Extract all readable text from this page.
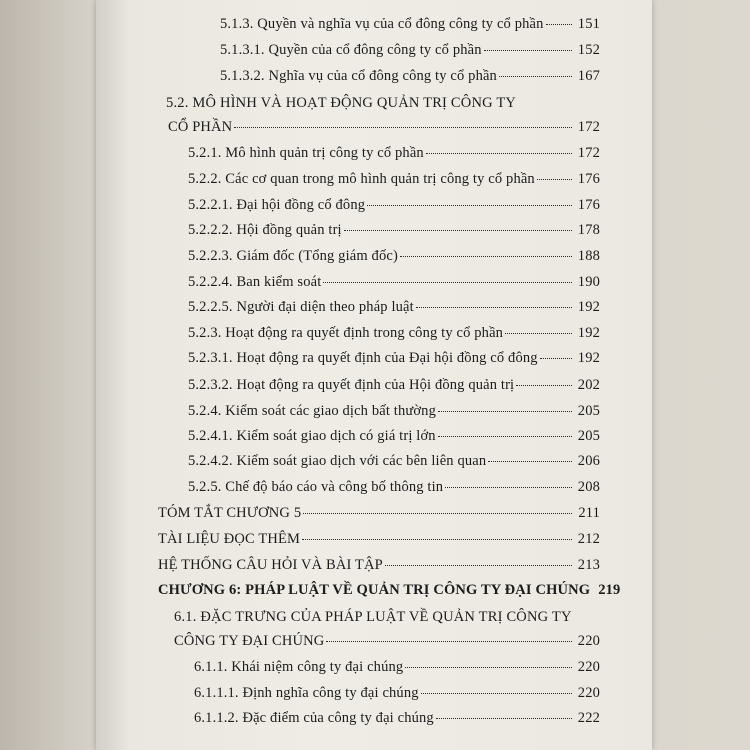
5.1.3. Quyền và nghĩa vụ của cổ đông công ty cổ phần 151
5.1.3.1. Quyền của cổ đông công ty cổ phần	152
5.1.3.2. Nghĩa vụ của cổ đông công ty cổ phần	167
5.2. MÔ HÌNH VÀ HOẠT ĐỘNG QUẢN TRỊ CÔNG TY
CỔ PHẦN	172
5.2.1. Mô hình quản trị công ty cổ phần	172
5.2.2. Các cơ quan trong mô hình quản trị công ty cổ phần	176
5.2.2.1. Đại hội đồng cổ đông	176
5.2.2.2. Hội đồng quản trị	178
5.2.2.3. Giám đốc (Tổng giám đốc)	188
5.2.2.4. Ban kiểm soát	190
5.2.2.5. Người đại diện theo pháp luật	192
5.2.3. Hoạt động ra quyết định trong công ty cổ phần	192
5.2.3.1. Hoạt động ra quyết định của Đại hội đồng cổ đông	192
5.2.3.2. Hoạt động ra quyết định của Hội đồng quản trị	202
5.2.4. Kiểm soát các giao dịch bất thường	205
5.2.4.1. Kiểm soát giao dịch có giá trị lớn	205
5.2.4.2. Kiểm soát giao dịch với các bên liên quan	206
5.2.5. Chế độ báo cáo và công bố thông tin	208
TÓM TẮT CHƯƠNG 5	211
TÀI LIỆU ĐỌC THÊM	212
HỆ THỐNG CÂU HỎI VÀ BÀI TẬP	213
CHƯƠNG 6: PHÁP LUẬT VỀ QUẢN TRỊ CÔNG TY ĐẠI CHÚNG 219
6.1. ĐẶC TRƯNG CỦA PHÁP LUẬT VỀ QUẢN TRỊ CÔNG TY
CÔNG TY ĐẠI CHÚNG	220
6.1.1. Khái niệm công ty đại chúng	220
6.1.1.1. Định nghĩa công ty đại chúng	220
6.1.1.2. Đặc điểm của công ty đại chúng	222
